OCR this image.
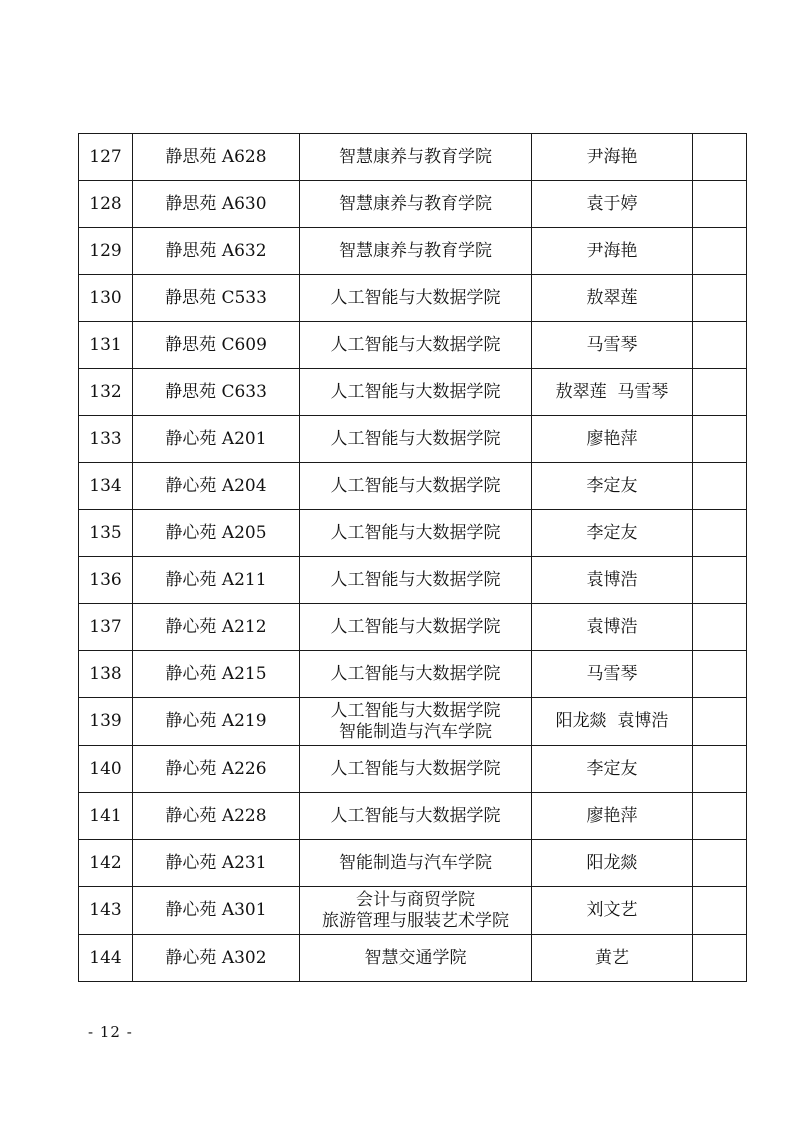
127	静思苑 A628	智慧康养与教育学院	尹海艳	
128	静思苑 A630	智慧康养与教育学院	袁于婷	
129	静思苑 A632	智慧康养与教育学院	尹海艳	
130	静思苑 C533	人工智能与大数据学院	敖翠莲	
131	静思苑 C609	人工智能与大数据学院	马雪琴	
132	静思苑 C633	人工智能与大数据学院	敖翠莲  马雪琴	
133	静心苑 A201	人工智能与大数据学院	廖艳萍	
134	静心苑 A204	人工智能与大数据学院	李定友	
135	静心苑 A205	人工智能与大数据学院	李定友	
136	静心苑 A211	人工智能与大数据学院	袁博浩	
137	静心苑 A212	人工智能与大数据学院	袁博浩	
138	静心苑 A215	人工智能与大数据学院	马雪琴	
139	静心苑 A219	人工智能与大数据学院
智能制造与汽车学院	阳龙燚  袁博浩	
140	静心苑 A226	人工智能与大数据学院	李定友	
141	静心苑 A228	人工智能与大数据学院	廖艳萍	
142	静心苑 A231	智能制造与汽车学院	阳龙燚	
143	静心苑 A301	会计与商贸学院
旅游管理与服装艺术学院	刘文艺	
144	静心苑 A302	智慧交通学院	黄艺	
- 12 -
